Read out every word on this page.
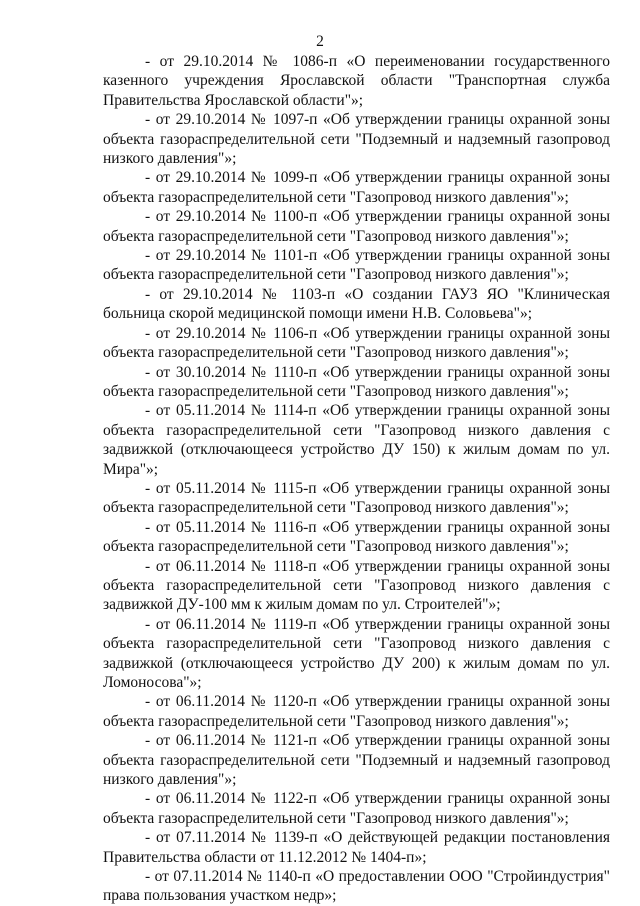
2

- от 29.10.2014 № 1086-п «О переименовании государственного казенного учреждения Ярославской области "Транспортная служба Правительства Ярославской области"»;

- от 29.10.2014 № 1097-п «Об утверждении границы охранной зоны объекта газораспределительной сети "Подземный и надземный газопровод низкого давления"»;

- от 29.10.2014 № 1099-п «Об утверждении границы охранной зоны объекта газораспределительной сети "Газопровод низкого давления"»;

- от 29.10.2014 № 1100-п «Об утверждении границы охранной зоны объекта газораспределительной сети "Газопровод низкого давления"»;

- от 29.10.2014 № 1101-п «Об утверждении границы охранной зоны объекта газораспределительной сети "Газопровод низкого давления"»;

- от 29.10.2014 № 1103-п «О создании ГАУЗ ЯО "Клиническая больница скорой медицинской помощи имени Н.В. Соловьева"»;

- от 29.10.2014 № 1106-п «Об утверждении границы охранной зоны объекта газораспределительной сети "Газопровод низкого давления"»;

- от 30.10.2014 № 1110-п «Об утверждении границы охранной зоны объекта газораспределительной сети "Газопровод низкого давления"»;

- от 05.11.2014 № 1114-п «Об утверждении границы охранной зоны объекта газораспределительной сети "Газопровод низкого давления с задвижкой (отключающееся устройство ДУ 150) к жилым домам по ул. Мира"»;

- от 05.11.2014 № 1115-п «Об утверждении границы охранной зоны объекта газораспределительной сети "Газопровод низкого давления"»;

- от 05.11.2014 № 1116-п «Об утверждении границы охранной зоны объекта газораспределительной сети "Газопровод низкого давления"»;

- от 06.11.2014 № 1118-п «Об утверждении границы охранной зоны объекта газораспределительной сети "Газопровод низкого давления с задвижкой ДУ-100 мм к жилым домам по ул. Строителей"»;

- от 06.11.2014 № 1119-п «Об утверждении границы охранной зоны объекта газораспределительной сети "Газопровод низкого давления с задвижкой (отключающееся устройство ДУ 200) к жилым домам по ул. Ломоносова"»;

- от 06.11.2014 № 1120-п «Об утверждении границы охранной зоны объекта газораспределительной сети "Газопровод низкого давления"»;

- от 06.11.2014 № 1121-п «Об утверждении границы охранной зоны объекта газораспределительной сети "Подземный и надземный газопровод низкого давления"»;

- от 06.11.2014 № 1122-п «Об утверждении границы охранной зоны объекта газораспределительной сети "Газопровод низкого давления"»;

- от 07.11.2014 № 1139-п «О действующей редакции постановления Правительства области от 11.12.2012 № 1404-п»;

- от 07.11.2014 № 1140-п «О предоставлении ООО "Стройиндустрия" права пользования участком недр»;
